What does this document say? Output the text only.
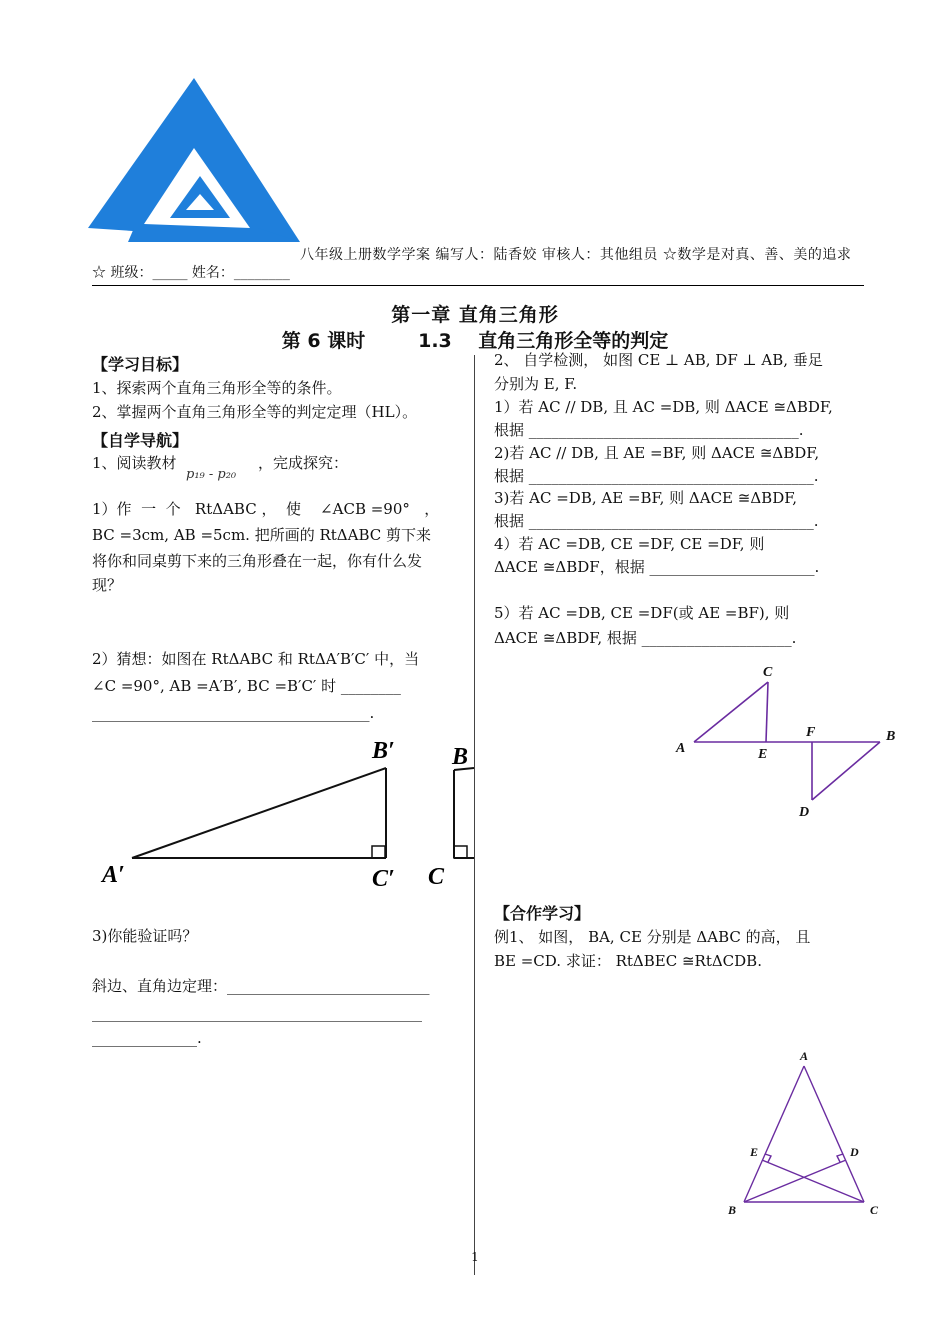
八年级上册数学学案 编写人：陆香姣 审核人：其他组员 ☆数学是对真、善、美的追求
☆ 班级：_____ 姓名：________
第一章 直角三角形
第 6 课时        1.3    直角三角形全等的判定
【学习目标】
1、探索两个直角三角形全等的条件。
2、掌握两个直角三角形全等的判定定理（HL）。
【自学导航】
1、阅读教材
p₁₉ - p₂₀
，完成探究：
1）作  一  个   RtΔABC ，  使    ∠ACB =90°   ，
BC =3cm, AB =5cm. 把所画的 RtΔABC 剪下来
将你和同桌剪下来的三角形叠在一起，你有什么发
现？
2）猜想：如图在 RtΔABC 和 RtΔA′B′C′ 中，当
∠C =90°, AB =A′B′, BC =B′C′ 时 ________
_____________________________________.
A′
B′
C′
B
C
3)你能验证吗？
斜边、直角边定理：___________________________
____________________________________________
______________.
2、 自学检测， 如图 CE ⊥ AB, DF ⊥ AB, 垂足
分别为 E, F.
1）若 AC // DB, 且 AC =DB, 则 ΔACE ≅ΔBDF,
根据 ____________________________________.
2)若 AC // DB, 且 AE =BF, 则 ΔACE ≅ΔBDF,
根据 ______________________________________.
3)若 AC =DB, AE =BF, 则 ΔACE ≅ΔBDF,
根据 ______________________________________.
4）若 AC =DB, CE =DF, CE =DF, 则
ΔACE ≅ΔBDF，根据 ______________________.
5）若 AC =DB, CE =DF(或 AE =BF), 则
ΔACE ≅ΔBDF, 根据 ____________________.
A
C
E
F	B
D
【合作学习】
例1、 如图， BA, CE 分别是 ΔABC 的高， 且
BE =CD. 求证： RtΔBEC ≅RtΔCDB.
A
E	D
B	C
1
